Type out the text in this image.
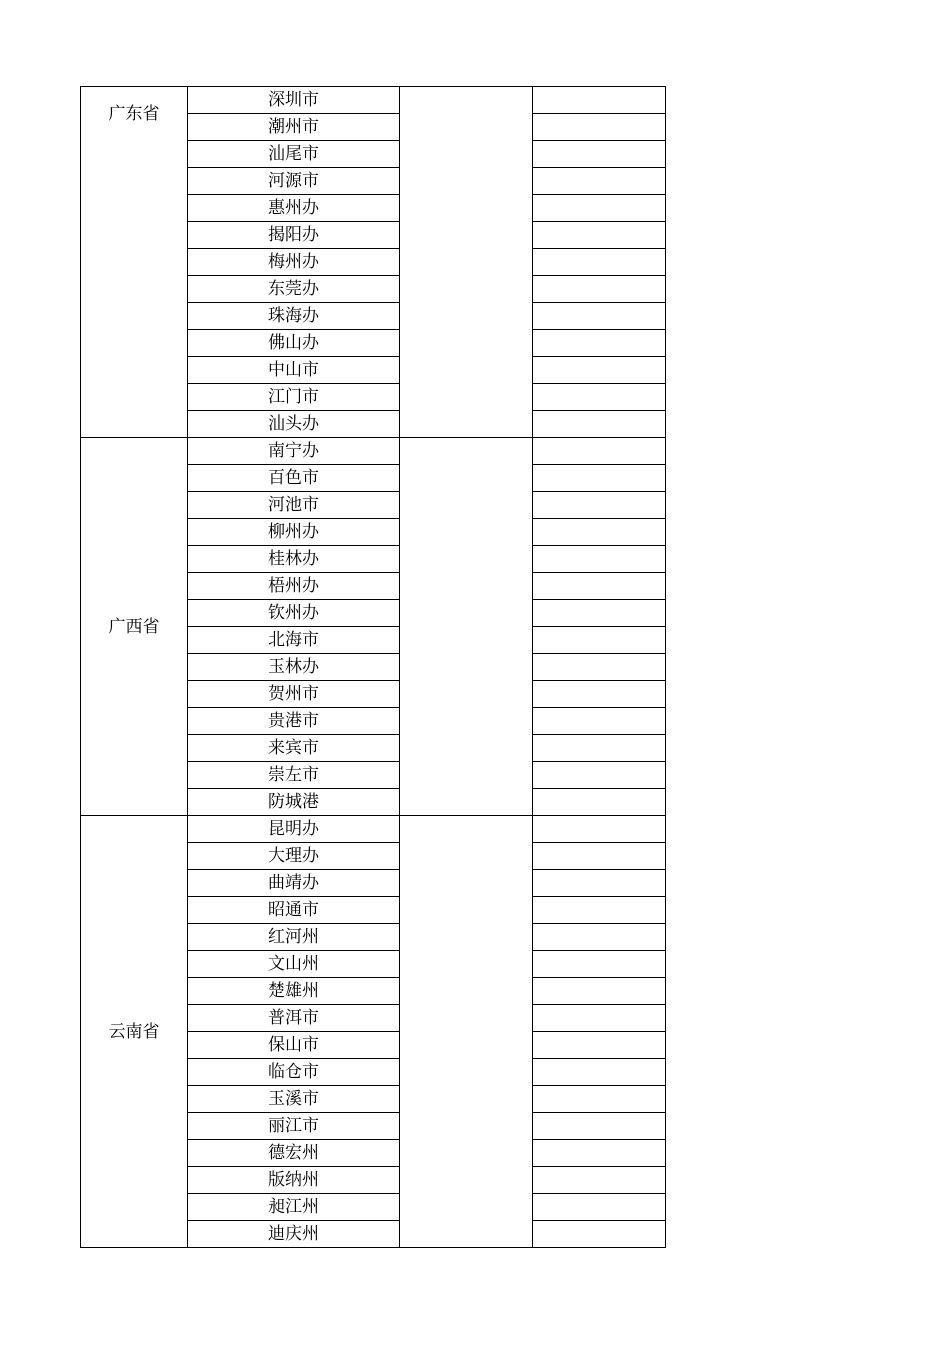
广东省	深圳市		
	潮州市		
	汕尾市		
	河源市		
	惠州办		
	揭阳办		
	梅州办		
	东莞办		
	珠海办		
	佛山办		
	中山市		
	江门市		
	汕头办		
广西省	南宁办		
	百色市		
	河池市		
	柳州办		
	桂林办		
	梧州办		
	钦州办		
	北海市		
	玉林办		
	贺州市		
	贵港市		
	来宾市		
	崇左市		
	防城港		
云南省	昆明办		
	大理办		
	曲靖办		
	昭通市		
	红河州		
	文山州		
	楚雄州		
	普洱市		
	保山市		
	临仓市		
	玉溪市		
	丽江市		
	德宏州		
	版纳州		
	昶江州		
	迪庆州		
